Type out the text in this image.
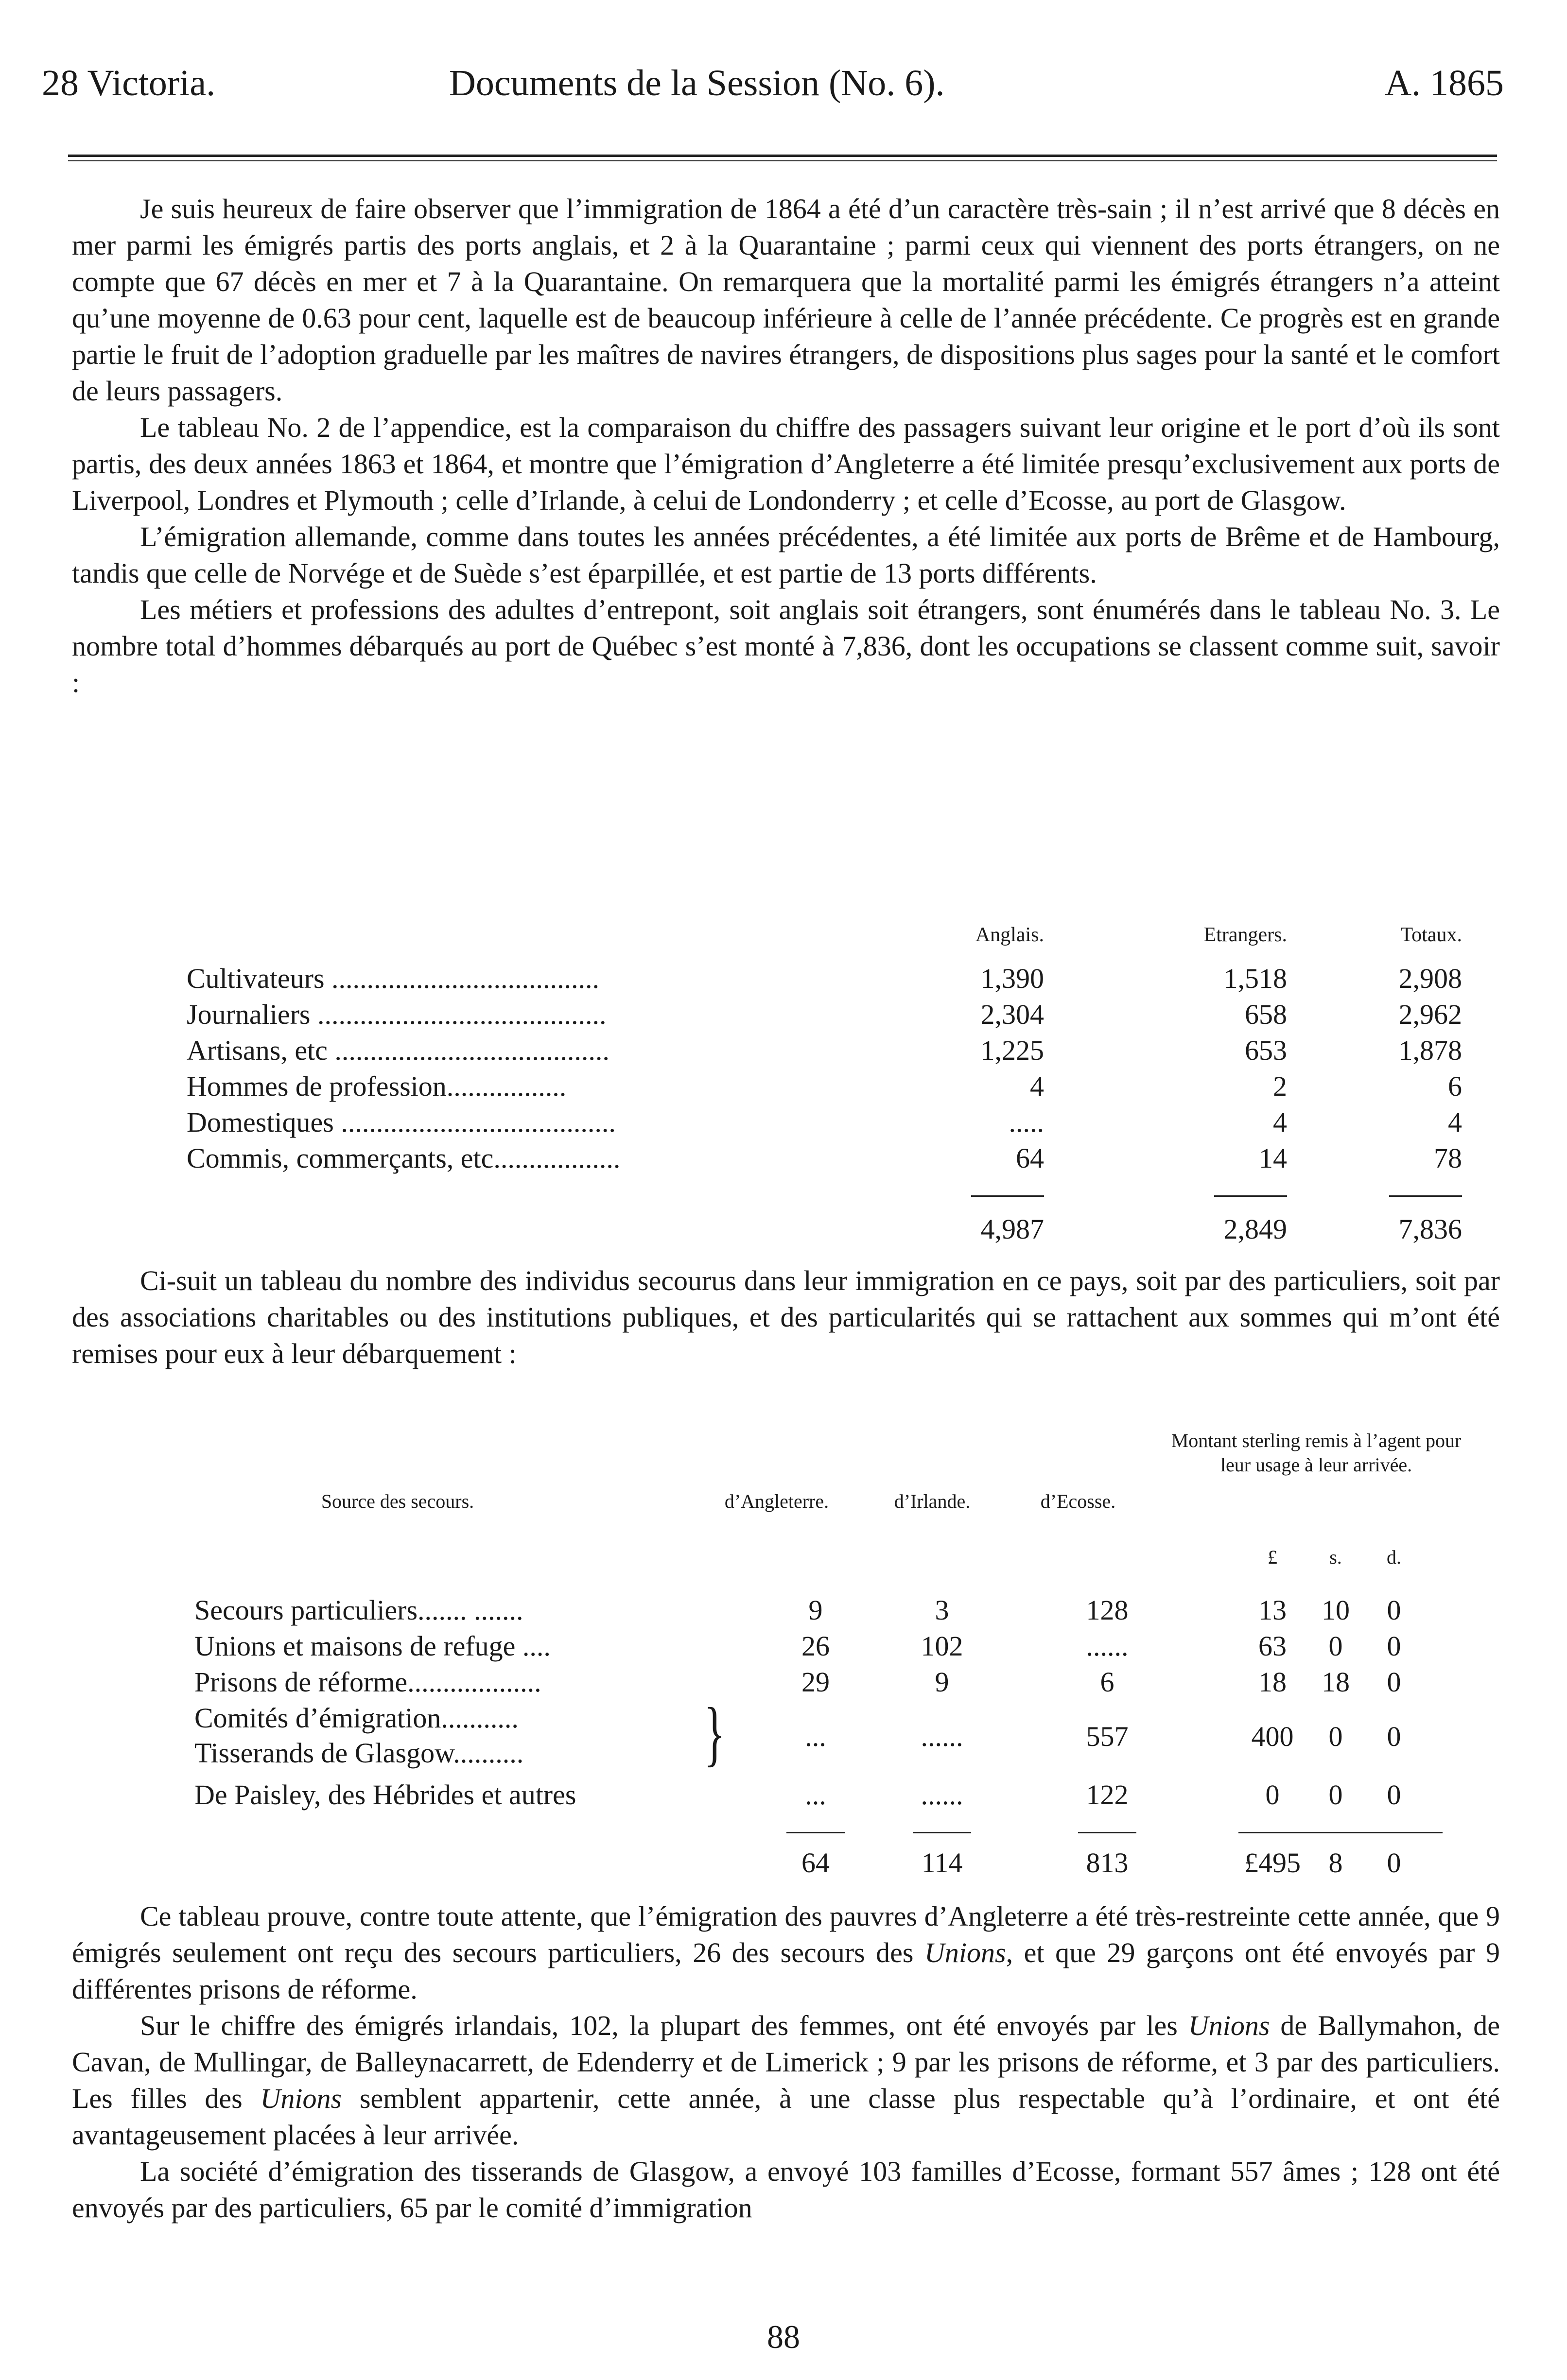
28 Victoria.	Documents de la Session (No. 6).	A. 1865

Je suis heureux de faire observer que l’immigration de 1864 a été d’un caractère très-sain ; il n’est arrivé que 8 décès en mer parmi les émigrés partis des ports anglais, et 2 à la Quarantaine ; parmi ceux qui viennent des ports étrangers, on ne compte que 67 décès en mer et 7 à la Quarantaine. On remarquera que la mortalité parmi les émigrés étrangers n’a atteint qu’une moyenne de 0.63 pour cent, laquelle est de beaucoup inférieure à celle de l’année précédente. Ce progrès est en grande partie le fruit de l’adoption graduelle par les maîtres de navires étrangers, de dispositions plus sages pour la santé et le comfort de leurs passagers.

Le tableau No. 2 de l’appendice, est la comparaison du chiffre des passagers suivant leur origine et le port d’où ils sont partis, des deux années 1863 et 1864, et montre que l’émigration d’Angleterre a été limitée presqu’exclusivement aux ports de Liverpool, Londres et Plymouth ; celle d’Irlande, à celui de Londonderry ; et celle d’Ecosse, au port de Glasgow.

L’émigration allemande, comme dans toutes les années précédentes, a été limitée aux ports de Brême et de Hambourg, tandis que celle de Norvége et de Suède s’est éparpillée, et est partie de 13 ports différents.

Les métiers et professions des adultes d’entrepont, soit anglais soit étrangers, sont énumérés dans le tableau No. 3. Le nombre total d’hommes débarqués au port de Québec s’est monté à 7,836, dont les occupations se classent comme suit, savoir :

Anglais.	Etrangers.	Totaux.
Cultivateurs ......................................	1,390	1,518	2,908
Journaliers .........................................	2,304	658	2,962
Artisans, etc .......................................	1,225	653	1,878
Hommes de profession.................	4	2	6
Domestiques .......................................	.....	4	4
Commis, commerçants, etc..................	64	14	78
4,987	2,849	7,836

Ci-suit un tableau du nombre des individus secourus dans leur immigration en ce pays, soit par des particuliers, soit par des associations charitables ou des institutions publiques, et des particularités qui se rattachent aux sommes qui m’ont été remises pour eux à leur débarquement :

Source des secours.	d’Angleterre.	d’Irlande.	d’Ecosse.
Montant sterling remis à l’agent pour leur usage à leur arrivée.
£	s.	d.
Secours particuliers....... .......	9	3	128	13	10	0
Unions et maisons de refuge ....	26	102	......	63	0	0
Prisons de réforme...................	29	9	6	18	18	0
Comités d’émigration...........
Tisserands de Glasgow..........	}	...	......	557	400	0	0
De Paisley, des Hébrides et autres	...	......	122	0	0	0
64	114	813	£495 8	0

Ce tableau prouve, contre toute attente, que l’émigration des pauvres d’Angleterre a été très-restreinte cette année, que 9 émigrés seulement ont reçu des secours particuliers, 26 des secours des Unions, et que 29 garçons ont été envoyés par 9 différentes prisons de réforme.

Sur le chiffre des émigrés irlandais, 102, la plupart des femmes, ont été envoyés par les Unions de Ballymahon, de Cavan, de Mullingar, de Balleynacarrett, de Edenderry et de Limerick ; 9 par les prisons de réforme, et 3 par des particuliers. Les filles des Unions semblent appartenir, cette année, à une classe plus respectable qu’à l’ordinaire, et ont été avantageusement placées à leur arrivée.

La société d’émigration des tisserands de Glasgow, a envoyé 103 familles d’Ecosse, formant 557 âmes ; 128 ont été envoyés par des particuliers, 65 par le comité d’immigration

88
